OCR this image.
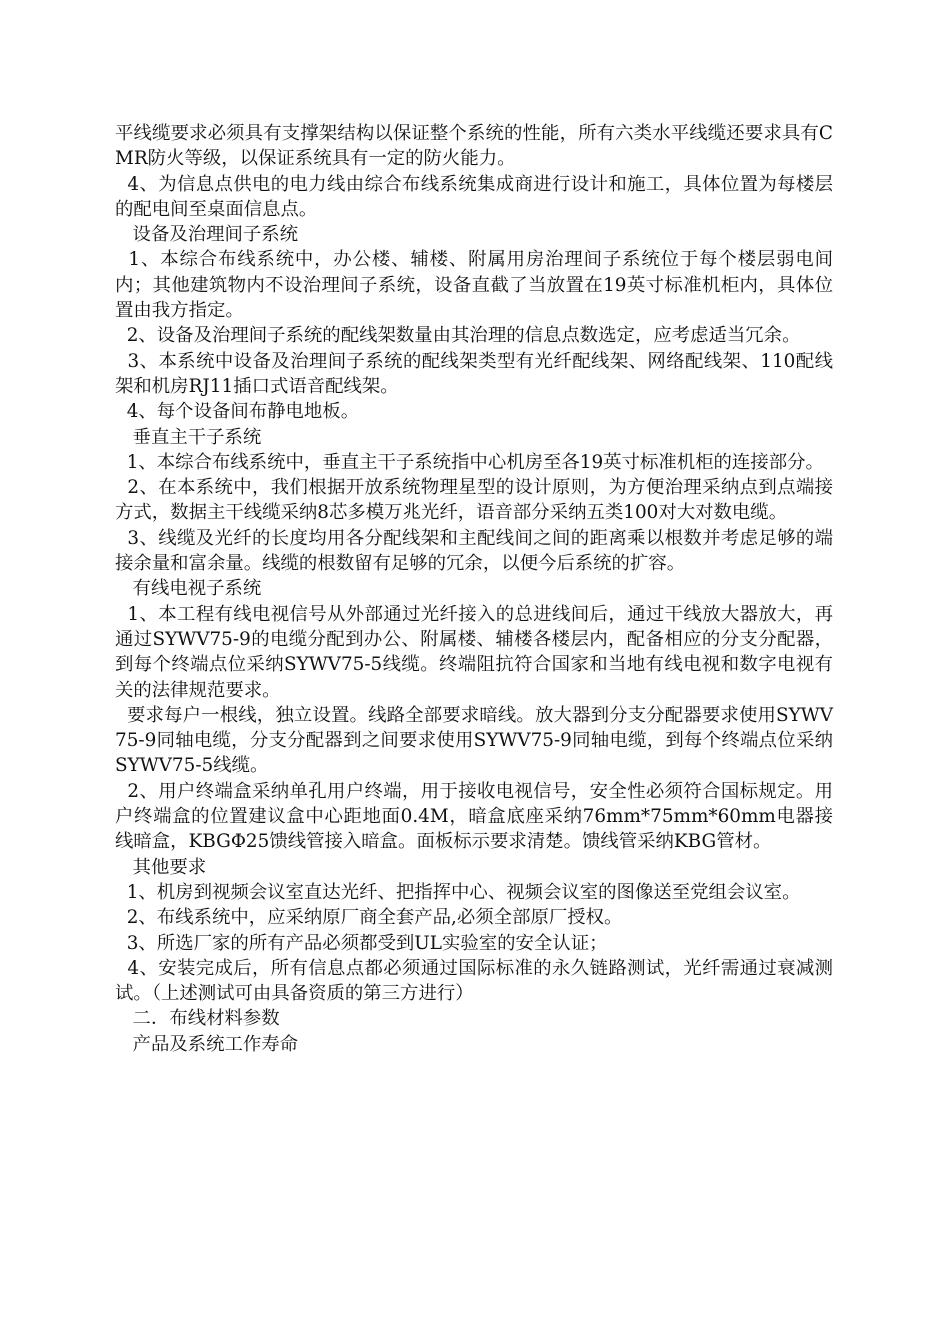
平线缆要求必须具有支撑架结构以保证整个系统的性能，所有六类水平线缆还要求具有CMR防火等级，以保证系统具有一定的防火能力。

4、为信息点供电的电力线由综合布线系统集成商进行设计和施工，具体位置为每楼层的配电间至桌面信息点。

设备及治理间子系统

1、本综合布线系统中，办公楼、辅楼、附属用房治理间子系统位于每个楼层弱电间内；其他建筑物内不设治理间子系统，设备直截了当放置在19英寸标准机柜内，具体位置由我方指定。

2、设备及治理间子系统的配线架数量由其治理的信息点数选定，应考虑适当冗余。

3、本系统中设备及治理间子系统的配线架类型有光纤配线架、网络配线架、110配线架和机房RJ11插口式语音配线架。

4、每个设备间布静电地板。

垂直主干子系统

1、本综合布线系统中，垂直主干子系统指中心机房至各19英寸标准机柜的连接部分。

2、在本系统中，我们根据开放系统物理星型的设计原则，为方便治理采纳点到点端接方式，数据主干线缆采纳8芯多模万兆光纤，语音部分采纳五类100对大对数电缆。

3、线缆及光纤的长度均用各分配线架和主配线间之间的距离乘以根数并考虑足够的端接余量和富余量。线缆的根数留有足够的冗余，以便今后系统的扩容。

有线电视子系统

1、本工程有线电视信号从外部通过光纤接入的总进线间后，通过干线放大器放大，再通过SYWV75-9的电缆分配到办公、附属楼、辅楼各楼层内，配备相应的分支分配器，到每个终端点位采纳SYWV75-5线缆。终端阻抗符合国家和当地有线电视和数字电视有关的法律规范要求。

要求每户一根线，独立设置。线路全部要求暗线。放大器到分支分配器要求使用SYWV75-9同轴电缆，分支分配器到之间要求使用SYWV75-9同轴电缆，到每个终端点位采纳SYWV75-5线缆。

2、用户终端盒采纳单孔用户终端，用于接收电视信号，安全性必须符合国标规定。用户终端盒的位置建议盒中心距地面0.4M，暗盒底座采纳76mm*75mm*60mm电器接线暗盒，KBGΦ25馈线管接入暗盒。面板标示要求清楚。馈线管采纳KBG管材。

其他要求

1、机房到视频会议室直达光纤、把指挥中心、视频会议室的图像送至党组会议室。

2、布线系统中，应采纳原厂商全套产品,必须全部原厂授权。

3、所选厂家的所有产品必须都受到UL实验室的安全认证；

4、安装完成后，所有信息点都必须通过国际标准的永久链路测试，光纤需通过衰减测试。（上述测试可由具备资质的第三方进行）

二．布线材料参数

产品及系统工作寿命
